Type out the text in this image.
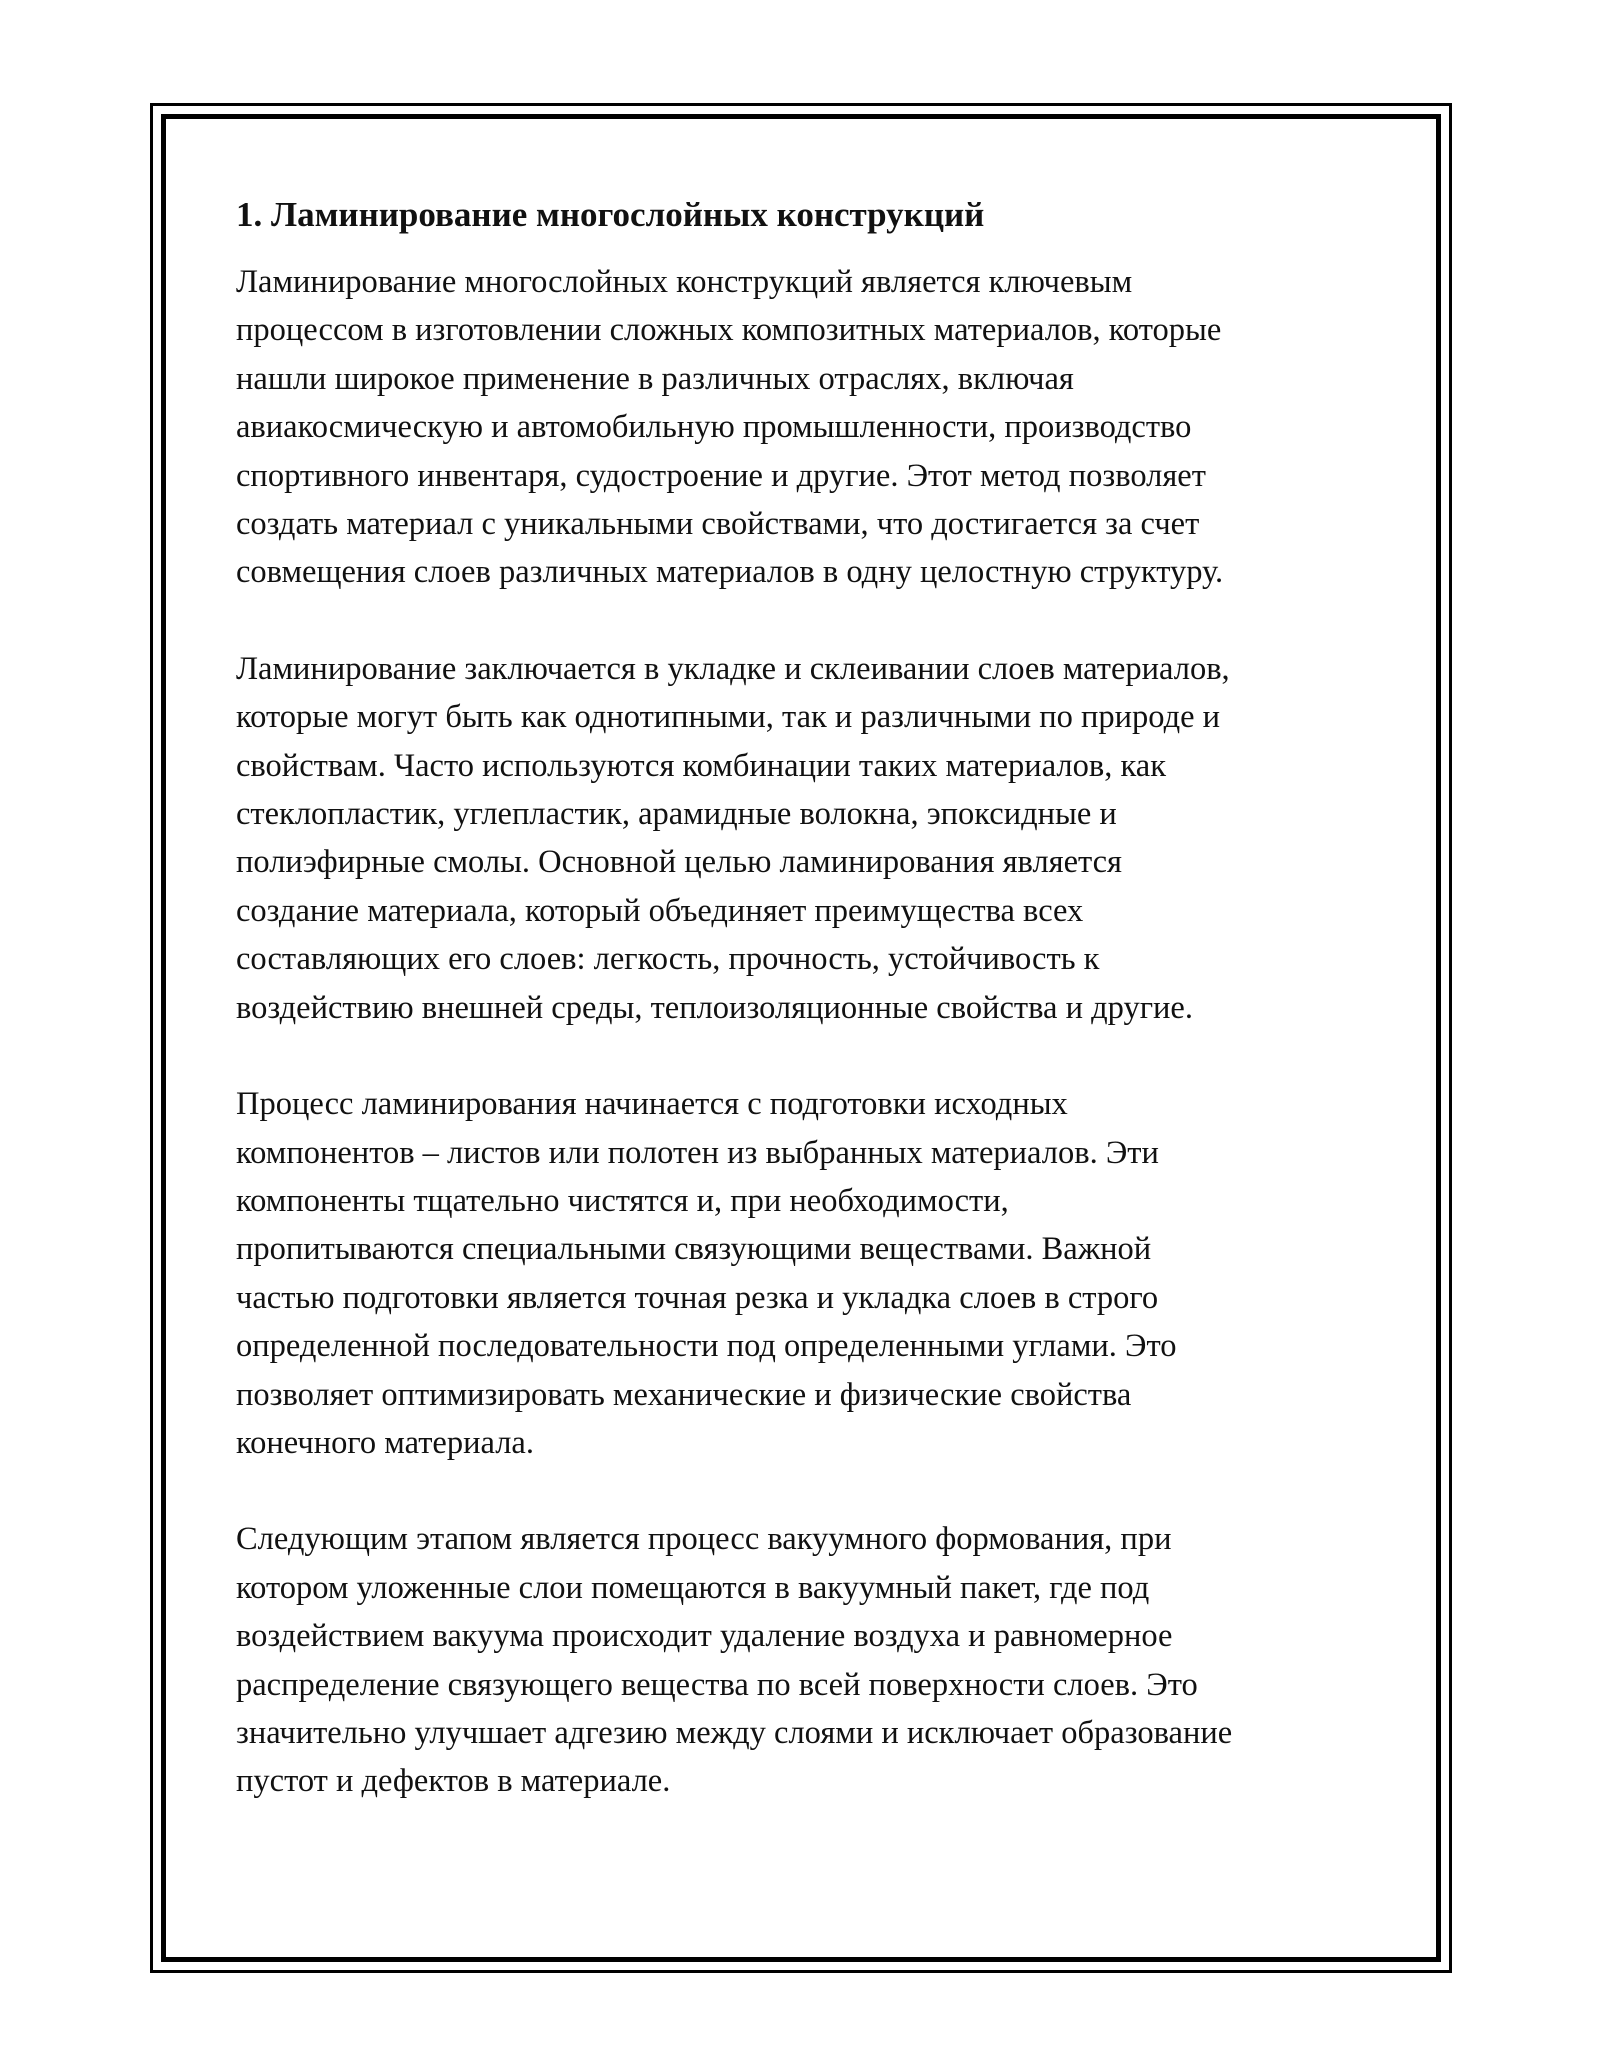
1. Ламинирование многослойных конструкций
Ламинирование многослойных конструкций является ключевым
процессом в изготовлении сложных композитных материалов, которые
нашли широкое применение в различных отраслях, включая
авиакосмическую и автомобильную промышленности, производство
спортивного инвентаря, судостроение и другие. Этот метод позволяет
создать материал с уникальными свойствами, что достигается за счет
совмещения слоев различных материалов в одну целостную структуру.
Ламинирование заключается в укладке и склеивании слоев материалов,
которые могут быть как однотипными, так и различными по природе и
свойствам. Часто используются комбинации таких материалов, как
стеклопластик, углепластик, арамидные волокна, эпоксидные и
полиэфирные смолы. Основной целью ламинирования является
создание материала, который объединяет преимущества всех
составляющих его слоев: легкость, прочность, устойчивость к
воздействию внешней среды, теплоизоляционные свойства и другие.
Процесс ламинирования начинается с подготовки исходных
компонентов – листов или полотен из выбранных материалов. Эти
компоненты тщательно чистятся и, при необходимости,
пропитываются специальными связующими веществами. Важной
частью подготовки является точная резка и укладка слоев в строго
определенной последовательности под определенными углами. Это
позволяет оптимизировать механические и физические свойства
конечного материала.
Следующим этапом является процесс вакуумного формования, при
котором уложенные слои помещаются в вакуумный пакет, где под
воздействием вакуума происходит удаление воздуха и равномерное
распределение связующего вещества по всей поверхности слоев. Это
значительно улучшает адгезию между слоями и исключает образование
пустот и дефектов в материале.
